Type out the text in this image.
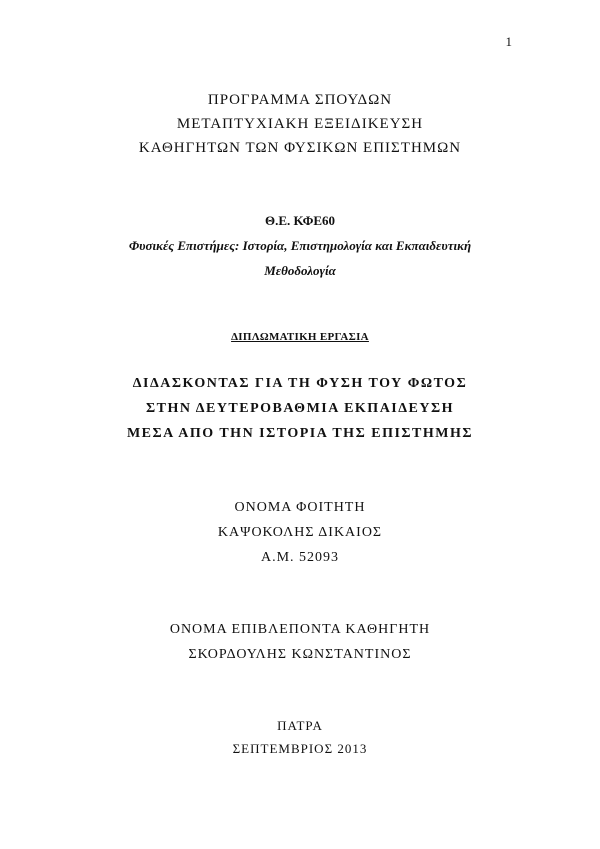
1
ΠΡΟΓΡΑΜΜΑ ΣΠΟΥΔΩΝ
ΜΕΤΑΠΤΥΧΙΑΚΗ ΕΞΕΙΔΙΚΕΥΣΗ
ΚΑΘΗΓΗΤΩΝ ΤΩΝ ΦΥΣΙΚΩΝ ΕΠΙΣΤΗΜΩΝ
Θ.Ε. ΚΦΕ60
Φυσικές Επιστήμες: Ιστορία, Επιστημολογία και Εκπαιδευτική
Μεθοδολογία
ΔΙΠΛΩΜΑΤΙΚΗ ΕΡΓΑΣΙΑ
ΔΙΔΑΣΚΟΝΤΑΣ ΓΙΑ ΤΗ ΦΥΣΗ ΤΟΥ ΦΩΤΟΣ
ΣΤΗΝ ΔΕΥΤΕΡΟΒΑΘΜΙΑ ΕΚΠΑΙΔΕΥΣΗ
ΜΕΣΑ ΑΠΟ ΤΗΝ ΙΣΤΟΡΙΑ ΤΗΣ ΕΠΙΣΤΗΜΗΣ
ΟΝΟΜΑ ΦΟΙΤΗΤΗ
ΚΑΨΟΚΟΛΗΣ ΔΙΚΑΙΟΣ
Α.Μ. 52093
ΟΝΟΜΑ ΕΠΙΒΛΕΠΟΝΤΑ ΚΑΘΗΓΗΤΗ
ΣΚΟΡΔΟΥΛΗΣ ΚΩΝΣΤΑΝΤΙΝΟΣ
ΠΑΤΡΑ
ΣΕΠΤΕΜΒΡΙΟΣ 2013
